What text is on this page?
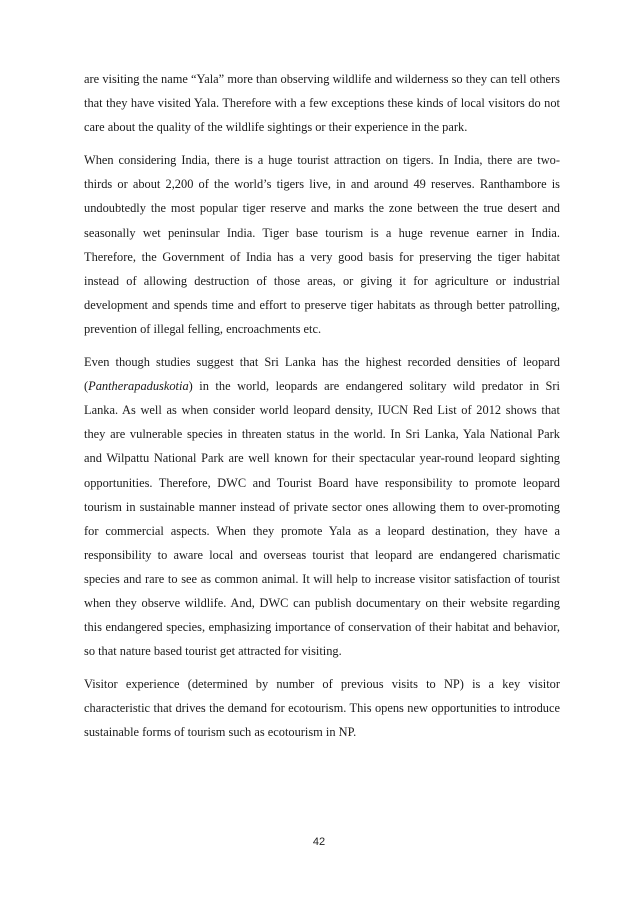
are visiting the name “Yala” more than observing wildlife and wilderness so they can tell others
that they have visited Yala. Therefore with a few exceptions these kinds of local visitors do not
care about the quality of the wildlife sightings or their experience in the park.

When considering India, there is a huge tourist attraction on tigers. In India, there are two-
thirds or about 2,200 of the world’s tigers live, in and around 49 reserves. Ranthambore is
undoubtedly the most popular tiger reserve and marks the zone between the true desert and
seasonally wet peninsular India. Tiger base tourism is a huge revenue earner in India.
Therefore, the Government of India has a very good basis for preserving the tiger habitat
instead of allowing destruction of those areas, or giving it for agriculture or industrial
development and spends time and effort to preserve tiger habitats as through better patrolling,
prevention of illegal felling, encroachments etc.

Even though studies suggest that Sri Lanka has the highest recorded densities of leopard
(Pantherapaduskotia) in the world, leopards are endangered solitary wild predator in Sri
Lanka. As well as when consider world leopard density, IUCN Red List of 2012 shows that
they are vulnerable species in threaten status in the world. In Sri Lanka, Yala National Park
and Wilpattu National Park are well known for their spectacular year-round leopard sighting
opportunities. Therefore, DWC and Tourist Board have responsibility to promote leopard
tourism in sustainable manner instead of private sector ones allowing them to over-promoting
for commercial aspects. When they promote Yala as a leopard destination, they have a
responsibility to aware local and overseas tourist that leopard are endangered charismatic
species and rare to see as common animal. It will help to increase visitor satisfaction of tourist
when they observe wildlife. And, DWC can publish documentary on their website regarding
this endangered species, emphasizing importance of conservation of their habitat and behavior,
so that nature based tourist get attracted for visiting.

Visitor experience (determined by number of previous visits to NP) is a key visitor
characteristic that drives the demand for ecotourism. This opens new opportunities to introduce
sustainable forms of tourism such as ecotourism in NP.

42
